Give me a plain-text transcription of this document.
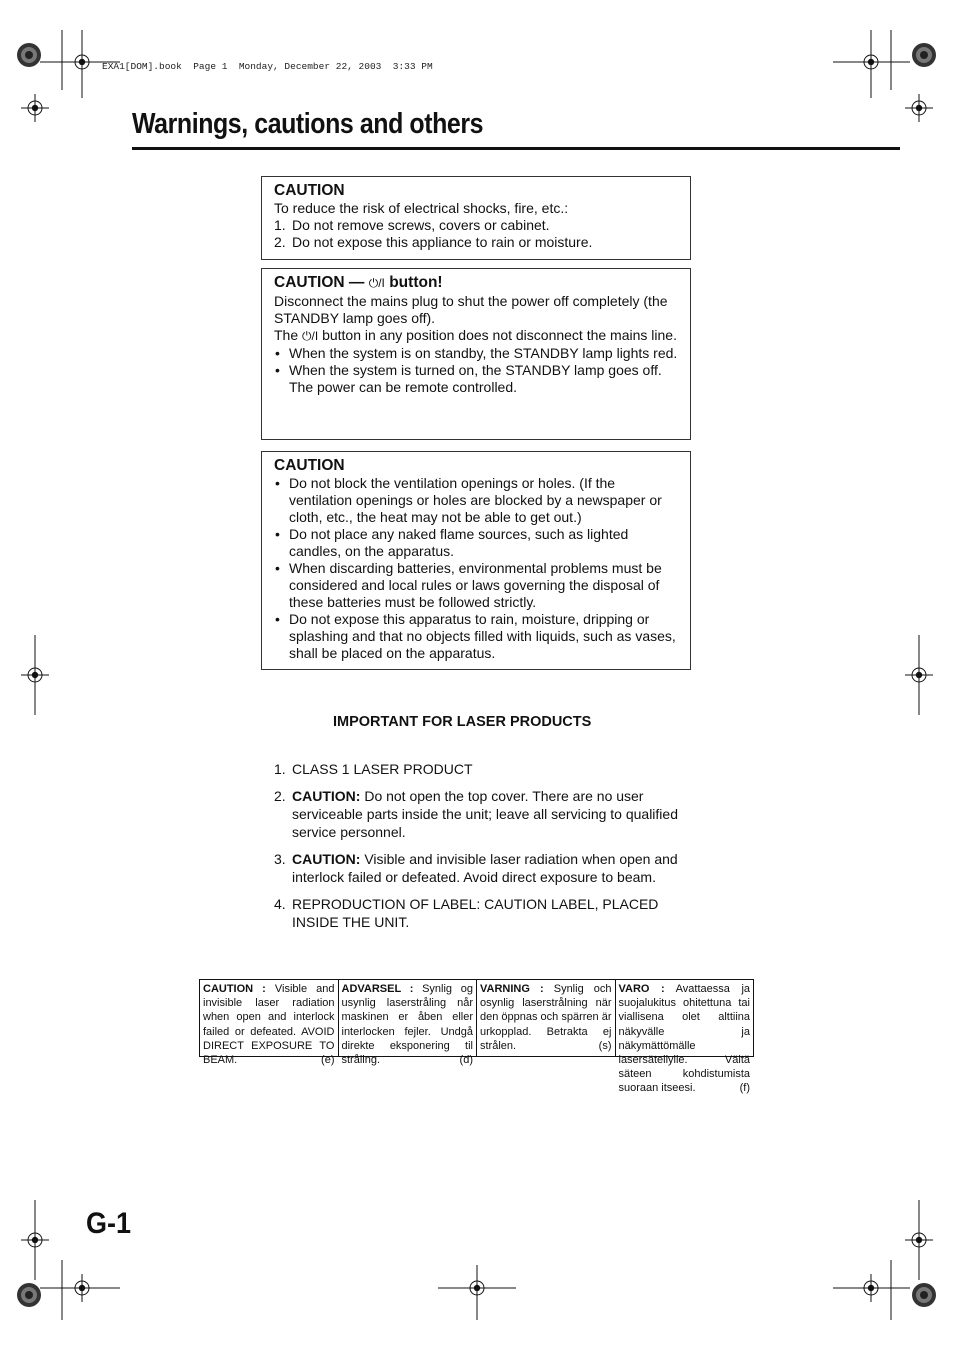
EXA1[DOM].book  Page 1  Monday, December 22, 2003  3:33 PM
Warnings, cautions and others
CAUTION

To reduce the risk of electrical shocks, fire, etc.:

1. Do not remove screws, covers or cabinet.
2. Do not expose this appliance to rain or moisture.
CAUTION — ⏻/I button!

Disconnect the mains plug to shut the power off completely (the STANDBY lamp goes off).

The ⏻/I button in any position does not disconnect the mains line.

• When the system is on standby, the STANDBY lamp lights red.
• When the system is turned on, the STANDBY lamp goes off. The power can be remote controlled.
CAUTION
• Do not block the ventilation openings or holes. (If the ventilation openings or holes are blocked by a newspaper or cloth, etc., the heat may not be able to get out.)
• Do not place any naked flame sources, such as lighted candles, on the apparatus.
• When discarding batteries, environmental problems must be considered and local rules or laws governing the disposal of these batteries must be followed strictly.
• Do not expose this apparatus to rain, moisture, dripping or splashing and that no objects filled with liquids, such as vases, shall be placed on the apparatus.
IMPORTANT FOR LASER PRODUCTS
1. CLASS 1 LASER PRODUCT
2. CAUTION: Do not open the top cover. There are no user serviceable parts inside the unit; leave all servicing to qualified service personnel.
3. CAUTION: Visible and invisible laser radiation when open and interlock failed or defeated. Avoid direct exposure to beam.
4. REPRODUCTION OF LABEL: CAUTION LABEL, PLACED INSIDE THE UNIT.
CAUTION : Visible and invisible laser radiation when open and interlock failed or defeated. AVOID DIRECT EXPOSURE TO BEAM.	(e)
ADVARSEL : Synlig og usynlig laserstråling når maskinen er åben eller interlocken fejler. Undgå direkte eksponering til stråling.	(d)
VARNING : Synlig och osynlig laserstrålning när den öppnas och spärren är urkopplad. Betrakta ej strålen.	(s)
VARO : Avattaessa ja suojalukitus ohitettuna tai viallisena olet alttiina näkyvälle ja näkymättömälle lasersäteilylle. Vältä säteen kohdistumista suoraan itseesi.	(f)
G-1
